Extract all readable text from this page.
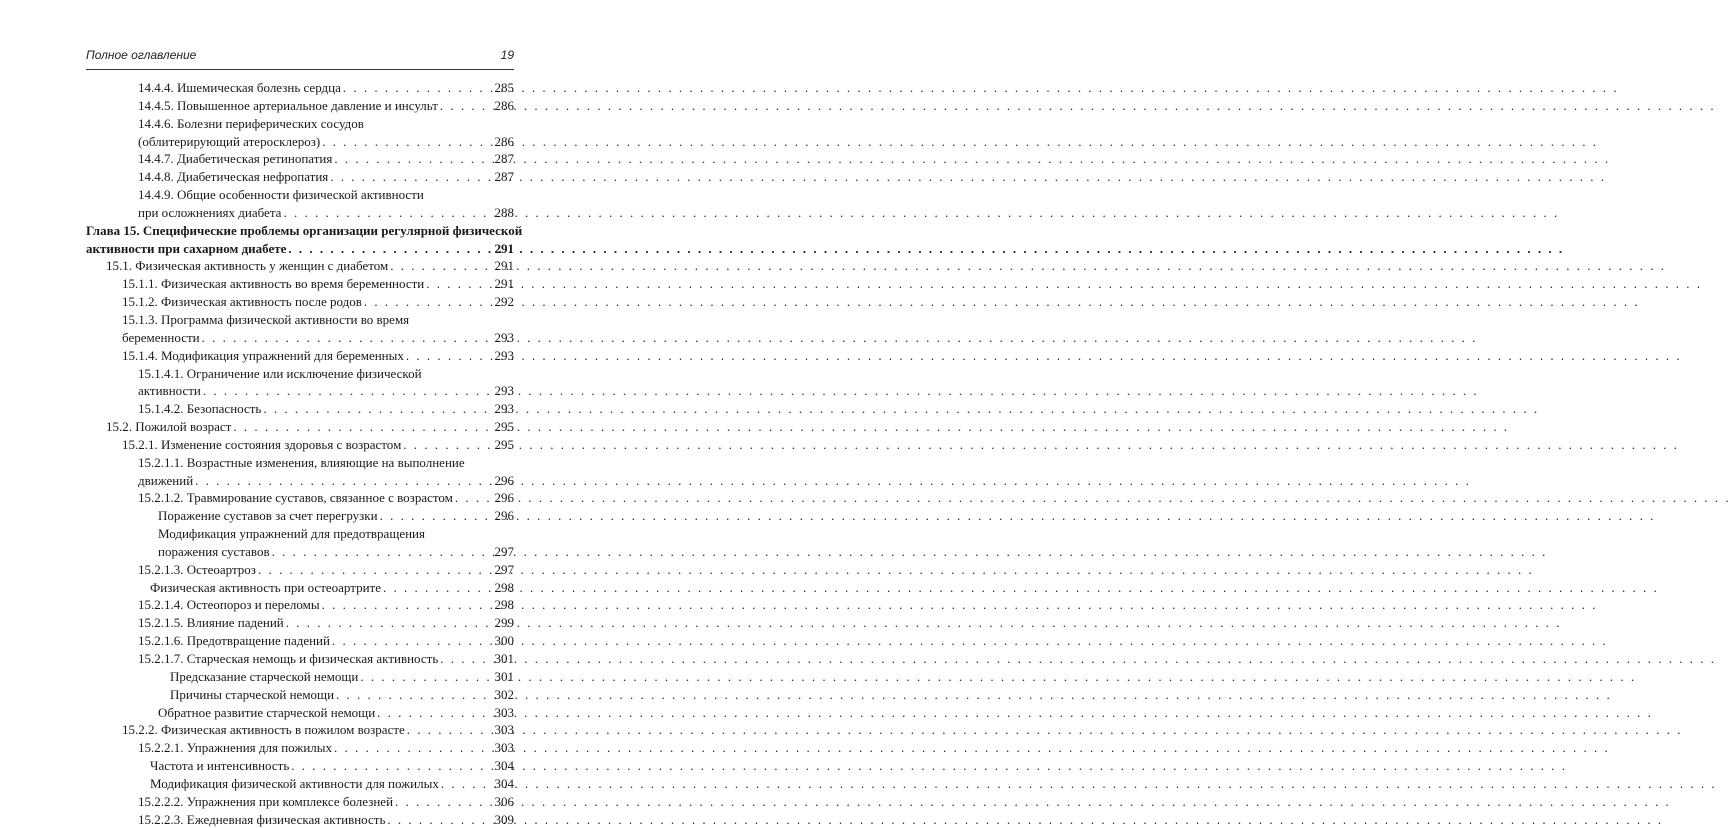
Полное оглавление	19
14.4.4. Ишемическая болезнь сердца . . .	285
14.4.5. Повышенное артериальное давление и инсульт . . .	286
14.4.6. Болезни периферических сосудов
(облитерирующий атеросклероз) . . .	286
14.4.7. Диабетическая ретинопатия . . .	287
14.4.8. Диабетическая нефропатия . . .	287
14.4.9. Общие особенности физической активности
при осложнениях диабета . . .	288
Глава 15. Специфические проблемы организации регулярной физической
активности при сахарном диабете . . .	291
15.1. Физическая активность у женщин с диабетом . . .	291
15.1.1. Физическая активность во время беременности . . .	291
15.1.2. Физическая активность после родов . . .	292
15.1.3. Программа физической активности во время
беременности . . .	293
15.1.4. Модификация упражнений для беременных . . .	293
15.1.4.1. Ограничение или исключение физической
активности . . .	293
15.1.4.2. Безопасность . . .	293
15.2. Пожилой возраст . . .	295
15.2.1. Изменение состояния здоровья с возрастом . . .	295
15.2.1.1. Возрастные изменения, влияющие на выполнение
движений . . .	296
15.2.1.2. Травмирование суставов, связанное с возрастом . . .	296
Поражение суставов за счет перегрузки . . .	296
Модификация упражнений для предотвращения
поражения суставов . . .	297
15.2.1.3. Остеоартроз . . .	297
Физическая активность при остеоартрите . . .	298
15.2.1.4. Остеопороз и переломы . . .	298
15.2.1.5. Влияние падений . . .	299
15.2.1.6. Предотвращение падений . . .	300
15.2.1.7. Старческая немощь и физическая активность . . .	301
Предсказание старческой немощи . . .	301
Причины старческой немощи . . .	302
Обратное развитие старческой немощи . . .	303
15.2.2. Физическая активность в пожилом возрасте . . .	303
15.2.2.1. Упражнения для пожилых . . .	303
Частота и интенсивность . . .	304
Модификация физической активности для пожилых . . .	304
15.2.2.2. Упражнения при комплексе болезней . . .	306
15.2.2.3. Ежедневная физическая активность . . .	309
